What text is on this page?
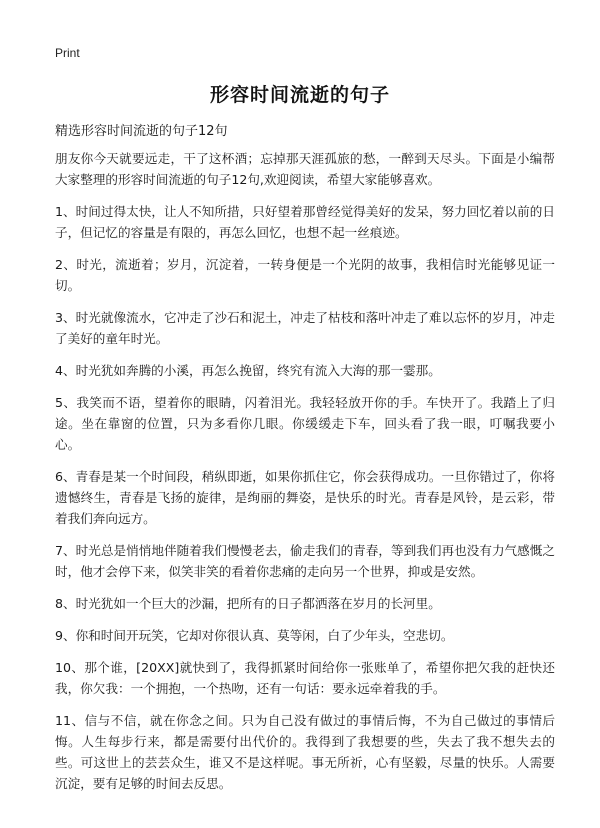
Print
形容时间流逝的句子

精选形容时间流逝的句子12句

朋友你今天就要远走，干了这杯酒；忘掉那天涯孤旅的愁，一醉到天尽头。下面是小编帮大家整理的形容时间流逝的句子12句,欢迎阅读，希望大家能够喜欢。

1、时间过得太快，让人不知所措，只好望着那曾经觉得美好的发呆，努力回忆着以前的日子，但记忆的容量是有限的，再怎么回忆，也想不起一丝痕迹。

2、时光，流逝着；岁月，沉淀着，一转身便是一个光阴的故事，我相信时光能够见证一切。

3、时光就像流水，它冲走了沙石和泥土，冲走了枯枝和落叶冲走了难以忘怀的岁月，冲走了美好的童年时光。

4、时光犹如奔腾的小溪，再怎么挽留，终究有流入大海的那一霎那。

5、我笑而不语，望着你的眼睛，闪着泪光。我轻轻放开你的手。车快开了。我踏上了归途。坐在靠窗的位置，只为多看你几眼。你缓缓走下车，回头看了我一眼，叮嘱我要小心。

6、青春是某一个时间段，稍纵即逝，如果你抓住它，你会获得成功。一旦你错过了，你将遗憾终生，青春是飞扬的旋律，是绚丽的舞姿，是快乐的时光。青春是风铃，是云彩，带着我们奔向远方。

7、时光总是悄悄地伴随着我们慢慢老去，偷走我们的青春，等到我们再也没有力气感慨之时，他才会停下来，似笑非笑的看着你悲痛的走向另一个世界，抑或是安然。

8、时光犹如一个巨大的沙漏，把所有的日子都洒落在岁月的长河里。

9、你和时间开玩笑，它却对你很认真、莫等闲，白了少年头，空悲切。

10、那个谁，[20XX]就快到了，我得抓紧时间给你一张账单了，希望你把欠我的赶快还我，你欠我：一个拥抱，一个热吻，还有一句话：要永远牵着我的手。

11、信与不信，就在你念之间。只为自己没有做过的事情后悔，不为自己做过的事情后悔。人生每步行来，都是需要付出代价的。我得到了我想要的些，失去了我不想失去的些。可这世上的芸芸众生，谁又不是这样呢。事无所祈，心有坚毅，尽量的快乐。人需要沉淀，要有足够的时间去反思。
